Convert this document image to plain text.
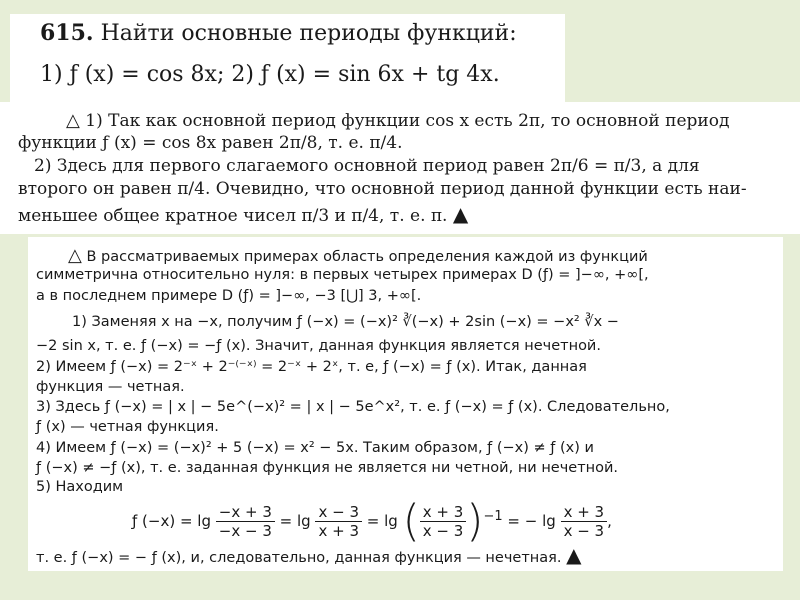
615. Найти основные периоды функций:
1) ƒ (x) = cos 8x; 2) ƒ (x) = sin 6x + tg 4x.
△ 1) Так как основной период функции cos x есть 2π, то основной период
функции ƒ (x) = cos 8x равен 2π/8, т. е. π/4.
2) Здесь для первого слагаемого основной период равен 2π/6 = π/3, а для
второго он равен π/4. Очевидно, что основной период данной функции есть наи-
меньшее общее кратное чисел π/3 и π/4, т. е. π. ▲
△ В рассматриваемых примерах область определения каждой из функций
симметрична относительно нуля: в первых четырех примерах D (ƒ) = ]−∞, +∞[,
а в последнем примере D (ƒ) = ]−∞, −3 [⋃] 3, +∞[.
1) Заменяя x на −x, получим ƒ (−x) = (−x)² ∛(−x) + 2sin (−x) = −x² ∛x −
−2 sin x, т. е. ƒ (−x) = −ƒ (x). Значит, данная функция является нечетной.
2) Имеем ƒ (−x) = 2⁻ˣ + 2⁻⁽⁻ˣ⁾ = 2⁻ˣ + 2ˣ, т. е, ƒ (−x) = ƒ (x). Итак, данная
функция — четная.
3) Здесь ƒ (−x) = | x | − 5e^(−x)² = | x | − 5e^x², т. е. ƒ (−x) = ƒ (x). Следовательно,
ƒ (x) — четная функция.
4) Имеем ƒ (−x) = (−x)² + 5 (−x) = x² − 5x. Таким образом, ƒ (−x) ≠ ƒ (x) и
ƒ (−x) ≠ −ƒ (x), т. е. заданная функция не является ни четной, ни нечетной.
5) Находим
ƒ $(-x) = \lg \frac{-x + 3}{-x - 3} = \lg \frac{x - 3}{x + 3} = \lg$ ( $\frac{x + 3}{x - 3} )-1$ = − $\lg \frac{x + 3}{x - 3}$ ,
т. е. ƒ (−x) = − ƒ (x), и, следовательно, данная функция — нечетная. ▲
